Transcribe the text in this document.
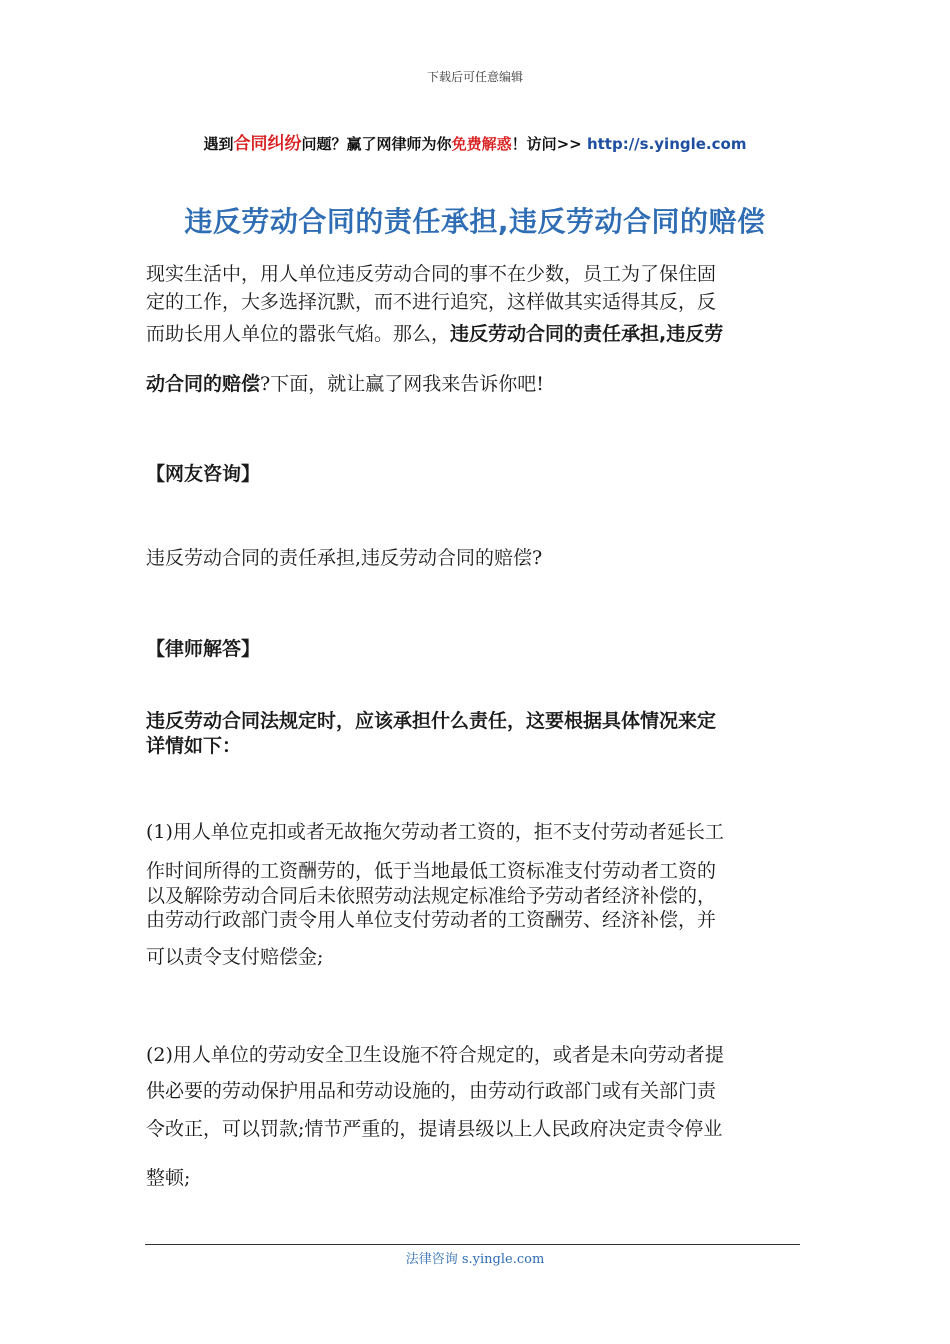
下载后可任意编辑
遇到合同纠纷问题？赢了网律师为你免费解惑！访问>> http://s.yingle.com
违反劳动合同的责任承担,违反劳动合同的赔偿
现实生活中，用人单位违反劳动合同的事不在少数，员工为了保住固
定的工作，大多选择沉默，而不进行追究，这样做其实适得其反，反
而助长用人单位的嚣张气焰。那么，违反劳动合同的责任承担,违反劳
动合同的赔偿?下面，就让赢了网我来告诉你吧!
【网友咨询】
违反劳动合同的责任承担,违反劳动合同的赔偿?
【律师解答】
违反劳动合同法规定时，应该承担什么责任，这要根据具体情况来定
详情如下：
(1)用人单位克扣或者无故拖欠劳动者工资的，拒不支付劳动者延长工
作时间所得的工资酬劳的，低于当地最低工资标准支付劳动者工资的
以及解除劳动合同后未依照劳动法规定标准给予劳动者经济补偿的，
由劳动行政部门责令用人单位支付劳动者的工资酬劳、经济补偿，并
可以责令支付赔偿金;
(2)用人单位的劳动安全卫生设施不符合规定的，或者是未向劳动者提
供必要的劳动保护用品和劳动设施的，由劳动行政部门或有关部门责
令改正，可以罚款;情节严重的，提请县级以上人民政府决定责令停业
整顿;
法律咨询 s.yingle.com
